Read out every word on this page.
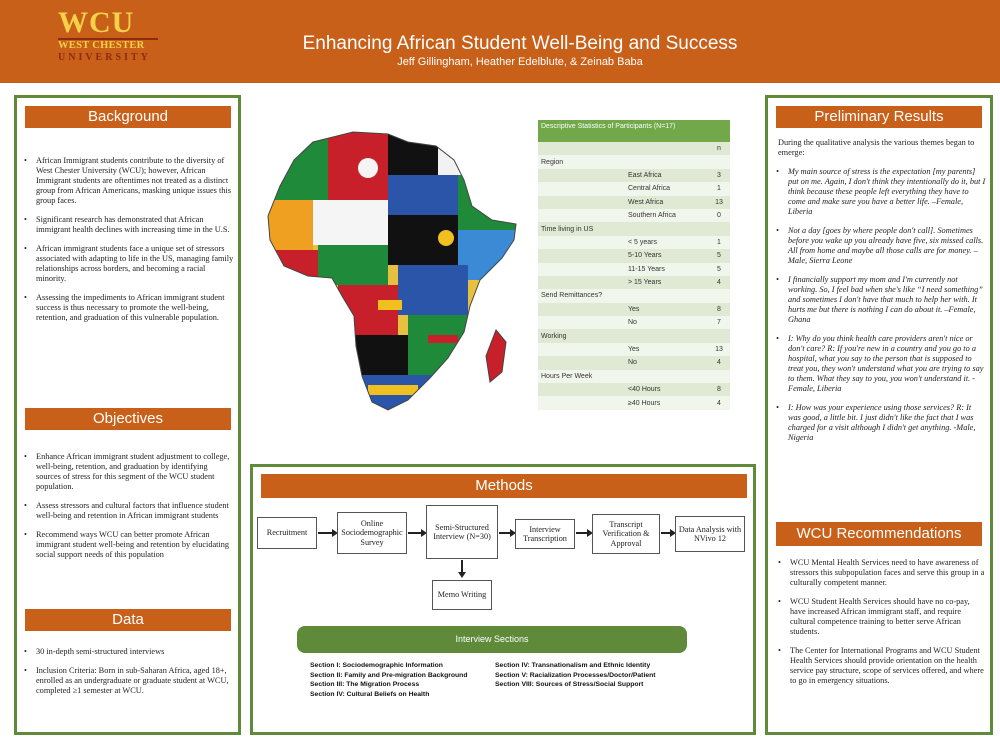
WCU
WEST CHESTER
UNIVERSITY
Enhancing African Student Well-Being and Success
Jeff Gillingham, Heather Edelblute, & Zeinab Baba
Background
• African Immigrant students contribute to the diversity of West Chester University (WCU); however, African Immigrant students are oftentimes not treated as a distinct group from African Americans, masking unique issues this group faces.
• Significant research has demonstrated that African immigrant health declines with increasing time in the U.S.
• African immigrant students face a unique set of stressors associated with adapting to life in the US, managing family relationships across borders, and becoming a racial minority.
• Assessing the impediments to African immigrant student success is thus necessary to promote the well-being, retention, and graduation of this vulnerable population.
Objectives
• Enhance African immigrant student adjustment to college, well-being, retention, and graduation by identifying sources of stress for this segment of the WCU student population.
• Assess stressors and cultural factors that influence student well-being and retention in African immigrant students
• Recommend ways WCU can better promote African immigrant student well-being and retention by elucidating social support needs of this population
Data
• 30 in-depth semi-structured interviews
• Inclusion Criteria: Born in sub-Saharan Africa, aged 18+, enrolled as an undergraduate or graduate student at WCU, completed ≥1 semester at WCU.
Descriptive Statistics of Participants (N=17)
	n
Region	
East Africa	3
Central Africa	1
West Africa	13
Southern Africa	0
Time living in US	
< 5 years	1
5-10 Years	5
11-15 Years	5
> 15 Years	4
Send Remittances?	
Yes	8
No	7
Working	
Yes	13
No	4
Hours Per Week	
<40 Hours	8
≥40 Hours	4
Methods
Recruitment
Online Sociodemographic Survey
Semi-Structured Interview (N=30)
Interview Transcription
Transcript Verification & Approval
Data Analysis with NVivo 12
Memo Writing
Interview Sections
Section I: Sociodemographic Information
Section II: Family and Pre-migration Background
Section III: The Migration Process
Section IV: Cultural Beliefs on Health
Section IV: Transnationalism and Ethnic Identity
Section V: Racialization Processes/Doctor/Patient
Section VIII: Sources of Stress/Social Support
Preliminary Results
During the qualitative analysis the various themes began to emerge:
• My main source of stress is the expectation [my parents] put on me. Again, I don't think they intentionally do it, but I think because these people left everything they have to come and make sure you have a better life. –Female, Liberia
• Not a day [goes by where people don't call]. Sometimes before you wake up you already have five, six missed calls. All from home and maybe all those calls are for money. – Male, Sierra Leone
• I financially support my mom and I'm currently not working. So, I feel bad when she's like “I need something” and sometimes I don't have that much to help her with. It hurts me but there is nothing I can do about it. –Female, Ghana
• I: Why do you think health care providers aren't nice or don't care? R: If you're new in a country and you go to a hospital, what you say to the person that is supposed to treat you, they won't understand what you are trying to say to them. What they say to you, you won't understand it. -Female, Liberia
• I: How was your experience using those services? R: It was good, a little bit. I just didn't like the fact that I was charged for a visit although I didn't get anything. -Male, Nigeria
WCU Recommendations
• WCU Mental Health Services need to have awareness of stressors this subpopulation faces and serve this group in a culturally competent manner.
• WCU Student Health Services should have no co-pay, have increased African immigrant staff, and require cultural competence training to better serve African students.
• The Center for International Programs and WCU Student Health Services should provide orientation on the health service pay structure, scope of services offered, and where to go in emergency situations.
